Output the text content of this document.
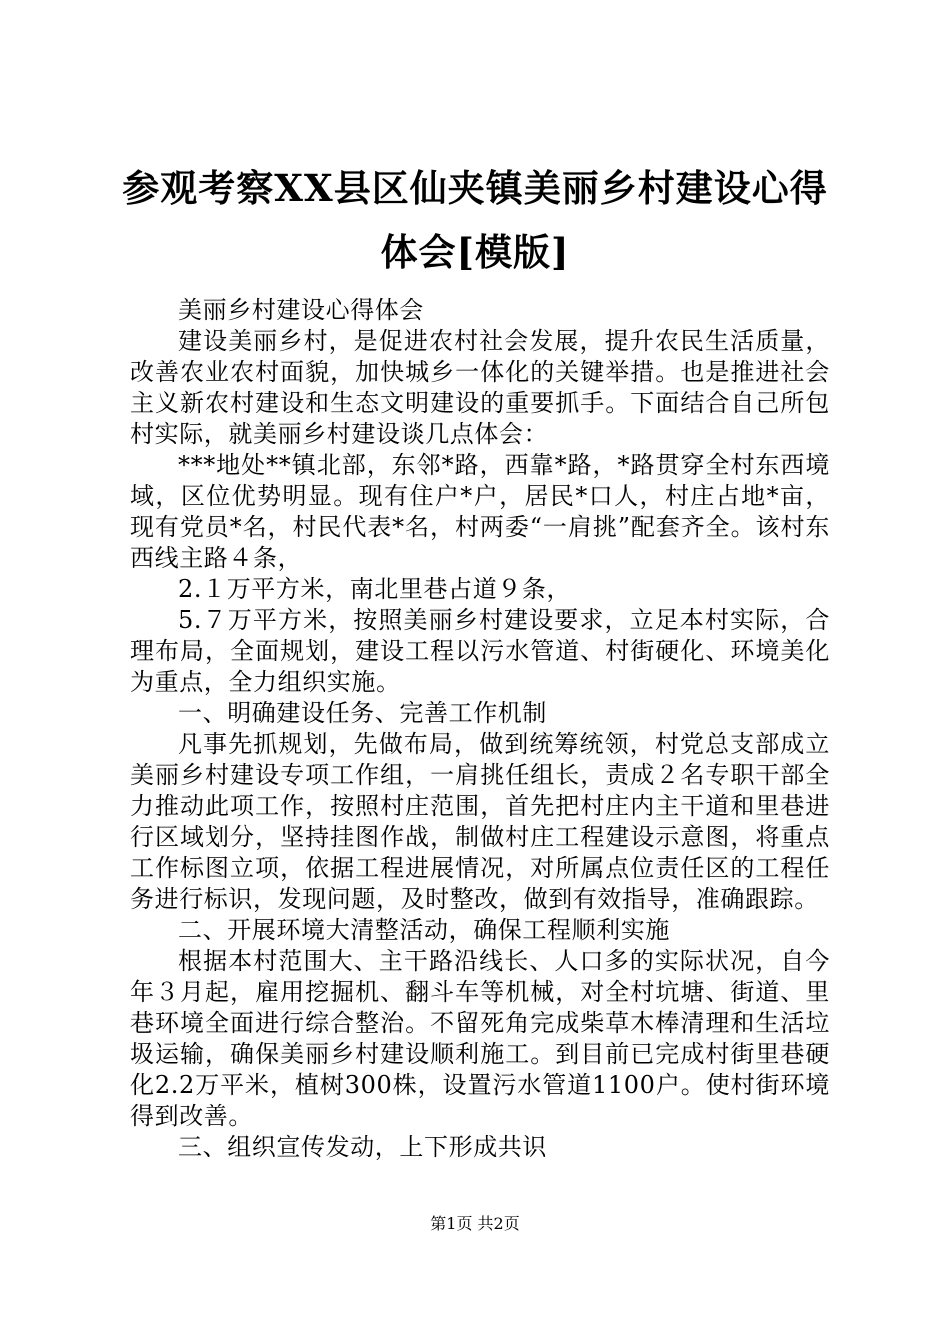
参观考察XX县区仙夹镇美丽乡村建设心得体会[模版]

美丽乡村建设心得体会

建设美丽乡村，是促进农村社会发展，提升农民生活质量，改善农业农村面貌，加快城乡一体化的关键举措。也是推进社会主义新农村建设和生态文明建设的重要抓手。下面结合自己所包村实际，就美丽乡村建设谈几点体会：

***地处**镇北部，东邻*路，西靠*路，*路贯穿全村东西境域，区位优势明显。现有住户*户，居民*口人，村庄占地*亩，现有党员*名，村民代表*名，村两委“一肩挑”配套齐全。该村东西线主路４条，

2.１万平方米，南北里巷占道９条，

5.７万平方米，按照美丽乡村建设要求，立足本村实际，合理布局，全面规划，建设工程以污水管道、村街硬化、环境美化为重点，全力组织实施。

一、明确建设任务、完善工作机制

凡事先抓规划，先做布局，做到统筹统领，村党总支部成立美丽乡村建设专项工作组，一肩挑任组长，责成２名专职干部全力推动此项工作，按照村庄范围，首先把村庄内主干道和里巷进行区域划分，坚持挂图作战，制做村庄工程建设示意图，将重点工作标图立项，依据工程进展情况，对所属点位责任区的工程任务进行标识，发现问题，及时整改，做到有效指导，准确跟踪。

二、开展环境大清整活动，确保工程顺利实施

根据本村范围大、主干路沿线长、人口多的实际状况，自今年３月起，雇用挖掘机、翻斗车等机械，对全村坑塘、街道、里巷环境全面进行综合整治。不留死角完成柴草木棒清理和生活垃圾运输，确保美丽乡村建设顺利施工。到目前已完成村街里巷硬化2.2万平米，植树300株，设置污水管道1100户。使村街环境得到改善。

三、组织宣传发动，上下形成共识

第1页 共2页
